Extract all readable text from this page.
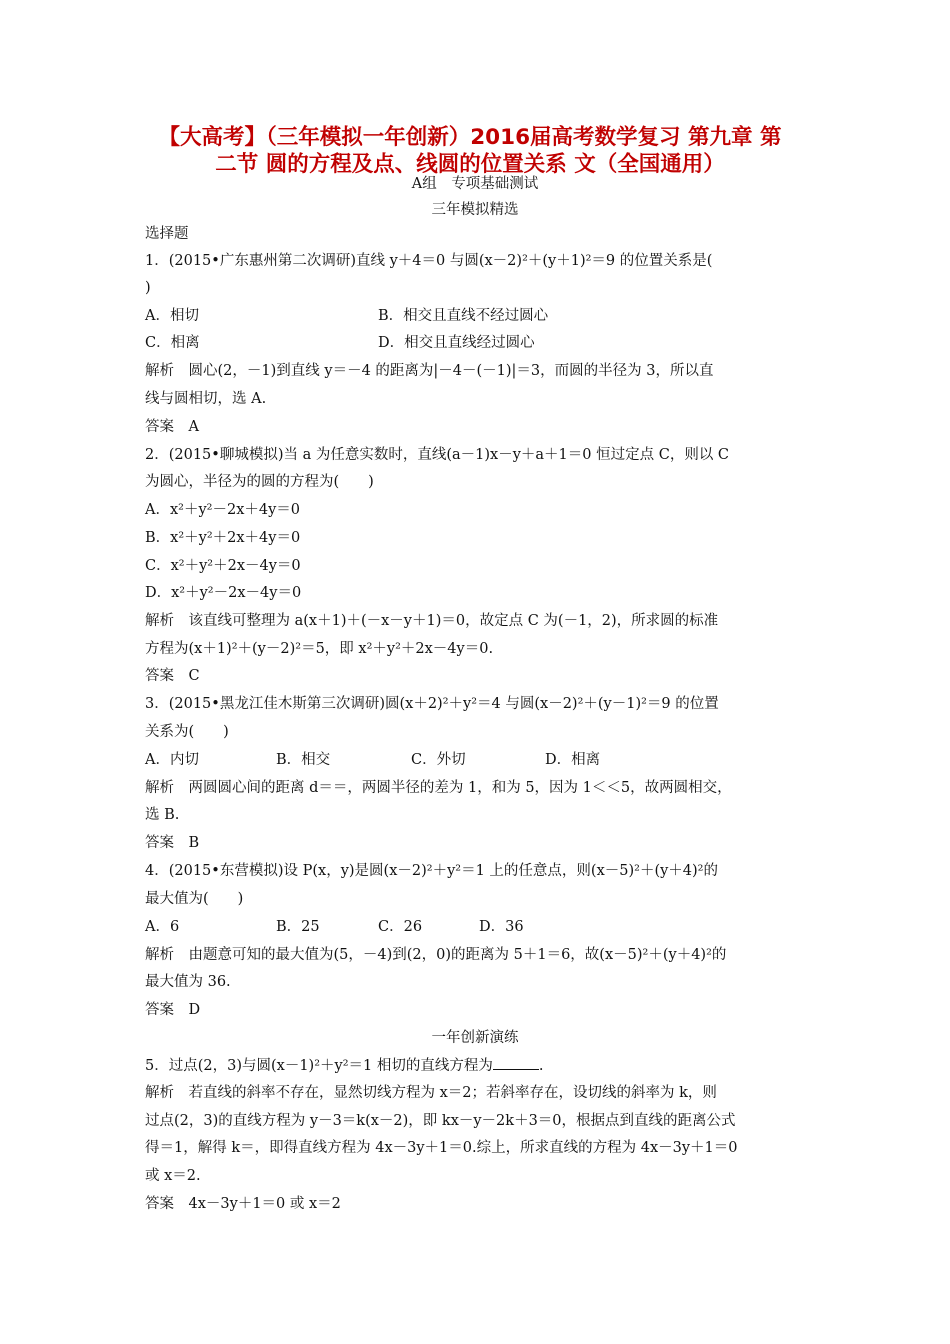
【大高考】（三年模拟一年创新）2016届高考数学复习 第九章 第
二节 圆的方程及点、线圆的位置关系 文（全国通用）
A组　专项基础测试
三年模拟精选
选择题
1．(2015•广东惠州第二次调研)直线 y＋4＝0 与圆(x－2)²＋(y＋1)²＝9 的位置关系是(
)
A．相切	B．相交且直线不经过圆心
C．相离	D．相交且直线经过圆心
解析　圆心(2，－1)到直线 y＝－4 的距离为|－4－(－1)|＝3，而圆的半径为 3，所以直
线与圆相切，选 A.
答案　A
2．(2015•聊城模拟)当 a 为任意实数时，直线(a－1)x－y＋a＋1＝0 恒过定点 C，则以 C
为圆心，半径为的圆的方程为(　　)
A．x²＋y²－2x＋4y＝0
B．x²＋y²＋2x＋4y＝0
C．x²＋y²＋2x－4y＝0
D．x²＋y²－2x－4y＝0
解析　该直线可整理为 a(x＋1)＋(－x－y＋1)＝0，故定点 C 为(－1，2)，所求圆的标准
方程为(x＋1)²＋(y－2)²＝5，即 x²＋y²＋2x－4y＝0.
答案　C
3．(2015•黑龙江佳木斯第三次调研)圆(x＋2)²＋y²＝4 与圆(x－2)²＋(y－1)²＝9 的位置
关系为(　　)
A．内切	B．相交	C．外切	D．相离
解析　两圆圆心间的距离 d＝＝，两圆半径的差为 1，和为 5，因为 1＜＜5，故两圆相交，
选 B.
答案　B
4．(2015•东营模拟)设 P(x，y)是圆(x－2)²＋y²＝1 上的任意点，则(x－5)²＋(y＋4)²的
最大值为(　　)
A．6	B．25	C．26	D．36
解析　由题意可知的最大值为(5，－4)到(2，0)的距离为 5＋1＝6，故(x－5)²＋(y＋4)²的
最大值为 36.
答案　D
一年创新演练
5．过点(2，3)与圆(x－1)²＋y²＝1 相切的直线方程为	.
解析　若直线的斜率不存在，显然切线方程为 x＝2；若斜率存在，设切线的斜率为 k，则
过点(2，3)的直线方程为 y－3＝k(x－2)，即 kx－y－2k＋3＝0，根据点到直线的距离公式
得＝1，解得 k＝，即得直线方程为 4x－3y＋1＝0.综上，所求直线的方程为 4x－3y＋1＝0
或 x＝2.
答案　4x－3y＋1＝0 或 x＝2
